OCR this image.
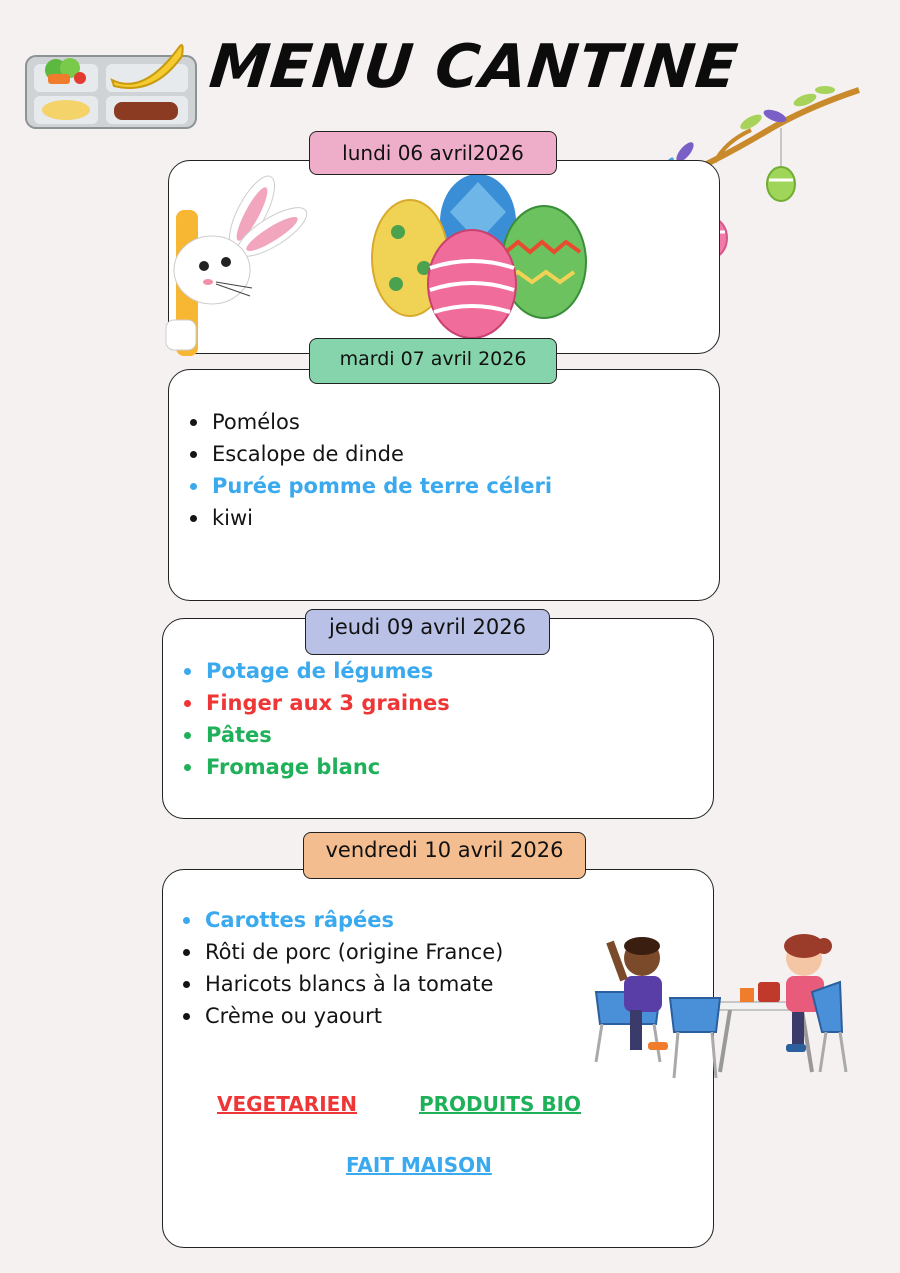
MENU CANTINE
lundi 06 avril2026
Pomélos
Escalope de dinde
Purée pomme de terre céleri
kiwi
mardi 07 avril 2026
Potage de légumes
Finger aux 3 graines
Pâtes
Fromage blanc
jeudi 09 avril 2026
Carottes râpées
Rôti de porc (origine France)
Haricots blancs à la tomate
Crème ou yaourt
VEGETARIEN	PRODUITS BIO
FAIT MAISON
vendredi 10 avril 2026
